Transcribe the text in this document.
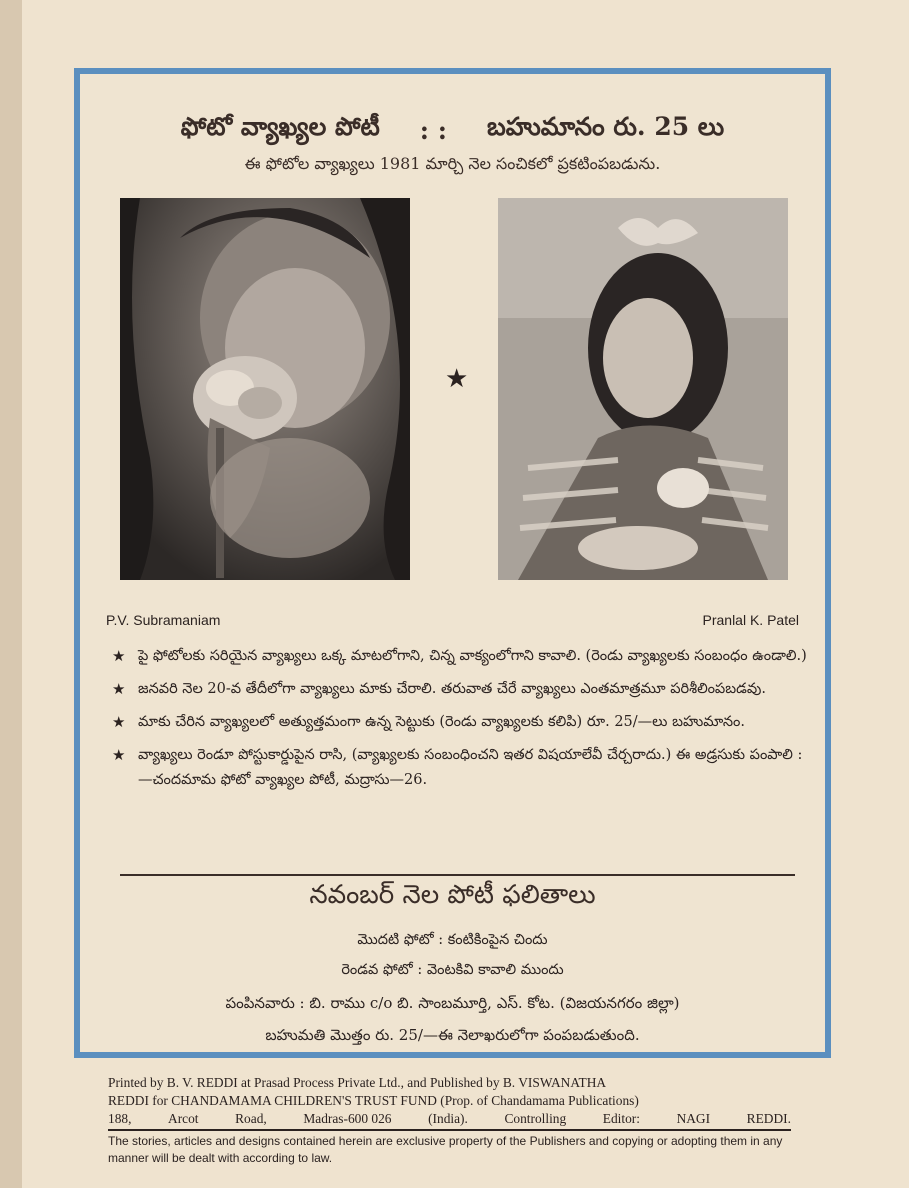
ఫోటో వ్యాఖ్యల పోటీ : : బహుమానం రు. 25 లు
ఈ ఫోటోల వ్యాఖ్యలు 1981 మార్చి నెల సంచికలో ప్రకటింపబడును.
★
P.V. Subramaniam	Pranlal K. Patel
★ పై ఫోటోలకు సరియైన వ్యాఖ్యలు ఒక్క మాటలోగాని, చిన్న వాక్యంలోగాని కావాలి. (రెండు వ్యాఖ్యలకు సంబంధం ఉండాలి.)
★ జనవరి నెల 20-వ తేదీలోగా వ్యాఖ్యలు మాకు చేరాలి. తరువాత చేరే వ్యాఖ్యలు ఎంతమాత్రమూ పరిశీలింపబడవు.
★ మాకు చేరిన వ్యాఖ్యలలో అత్యుత్తమంగా ఉన్న సెట్టుకు (రెండు వ్యాఖ్యలకు కలిపి) రూ. 25/—లు బహుమానం.
★ వ్యాఖ్యలు రెండూ పోస్టుకార్డుపైన రాసి, (వ్యాఖ్యలకు సంబంధించని ఇతర విషయాలేవీ చేర్చరాదు.) ఈ అడ్రసుకు పంపాలి :—చందమామ ఫోటో వ్యాఖ్యల పోటీ, మద్రాసు—26.
నవంబర్ నెల పోటీ ఫలితాలు
మొదటి ఫోటో : కంటికింపైన చిందు
రెండవ ఫోటో : వెంటకివి కావాలి ముందు
పంపినవారు : బి. రాము c/o బి. సాంబమూర్తి, ఎస్. కోట. (విజయనగరం జిల్లా)
బహుమతి మొత్తం రు. 25/—ఈ నెలాఖరులోగా పంపబడుతుంది.
Printed by B. V. REDDI at Prasad Process Private Ltd., and Published by B. VISWANATHA
REDDI for CHANDAMAMA CHILDREN'S TRUST FUND (Prop. of Chandamama Publications)
188,	Arcot	Road,	Madras-600 026	(India).	Controlling	Editor:	NAGI	REDDI.
The stories, articles and designs contained herein are exclusive property of the Publishers and copying or adopting them in any manner will be dealt with according to law.
